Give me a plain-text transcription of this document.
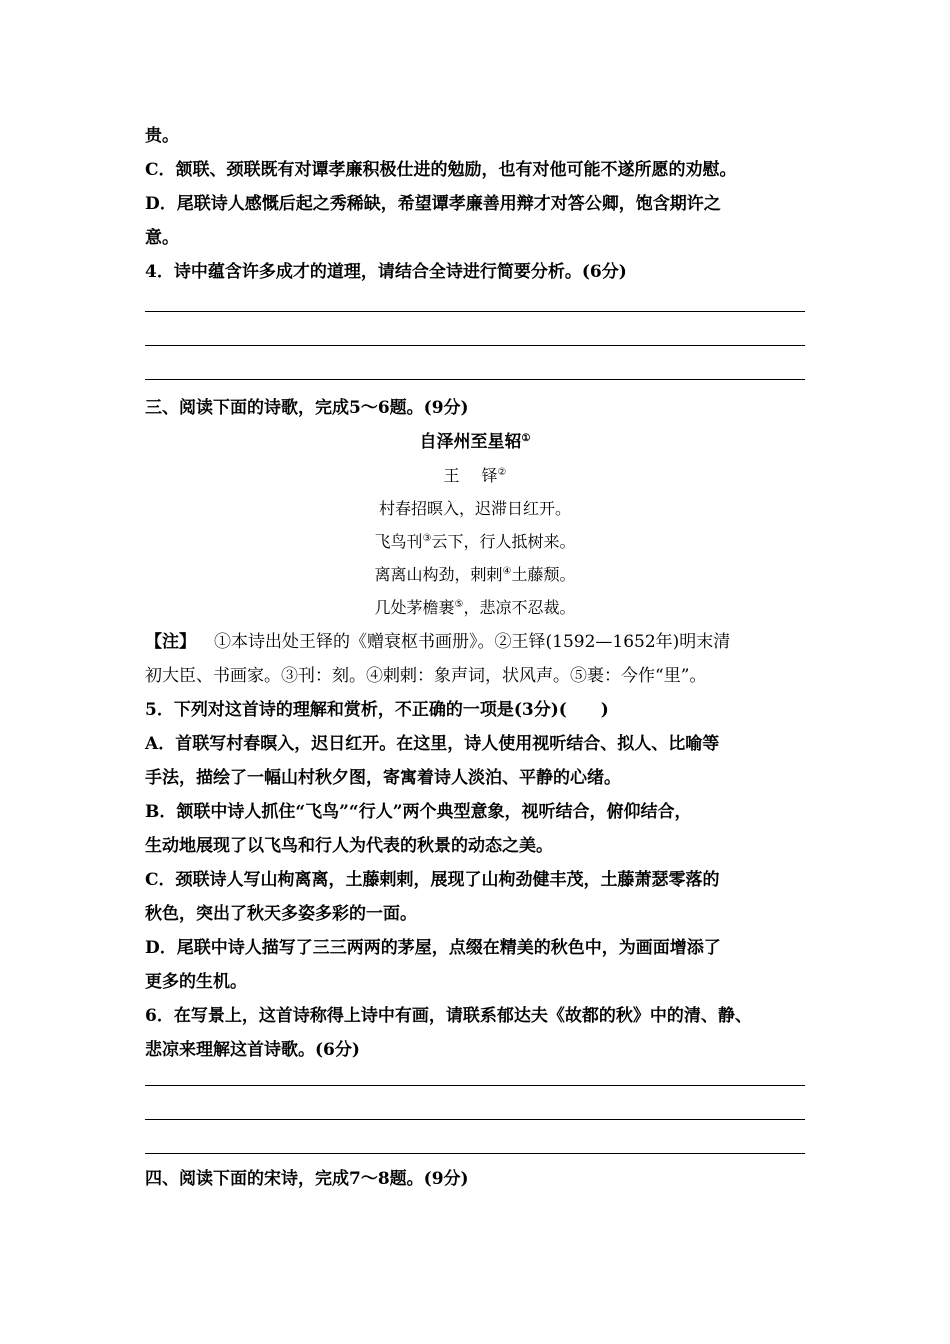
贵。
C．颔联、颈联既有对谭孝廉积极仕进的勉励，也有对他可能不遂所愿的劝慰。
D．尾联诗人感慨后起之秀稀缺，希望谭孝廉善用辩才对答公卿，饱含期许之
意。
4．诗中蕴含许多成才的道理，请结合全诗进行简要分析。(6分)
三、阅读下面的诗歌，完成5～6题。(9分)
自泽州至星轺①
王 铎②
村春招暝入，迟滞日红开。
飞鸟刊③云下，行人抵树来。
离离山构劲，剌剌④土藤颓。
几处茅檐裹⑤，悲凉不忍裁。
【注】 ①本诗出处王铎的《赠衰枢书画册》。②王铎(1592—1652年)明末清
初大臣、书画家。③刊：刻。④剌剌：象声词，状风声。⑤裹：今作“里”。
5．下列对这首诗的理解和赏析，不正确的一项是(3分)(　　)
A．首联写村春暝入，迟日红开。在这里，诗人使用视听结合、拟人、比喻等
手法，描绘了一幅山村秋夕图，寄寓着诗人淡泊、平静的心绪。
B．颔联中诗人抓住“飞鸟”“行人”两个典型意象，视听结合，俯仰结合，
生动地展现了以飞鸟和行人为代表的秋景的动态之美。
C．颈联诗人写山枸离离，土藤剌剌，展现了山枸劲健丰茂，土藤萧瑟零落的
秋色，突出了秋天多姿多彩的一面。
D．尾联中诗人描写了三三两两的茅屋，点缀在精美的秋色中，为画面增添了
更多的生机。
6．在写景上，这首诗称得上诗中有画，请联系郁达夫《故都的秋》中的清、静、
悲凉来理解这首诗歌。(6分)
四、阅读下面的宋诗，完成7～8题。(9分)
